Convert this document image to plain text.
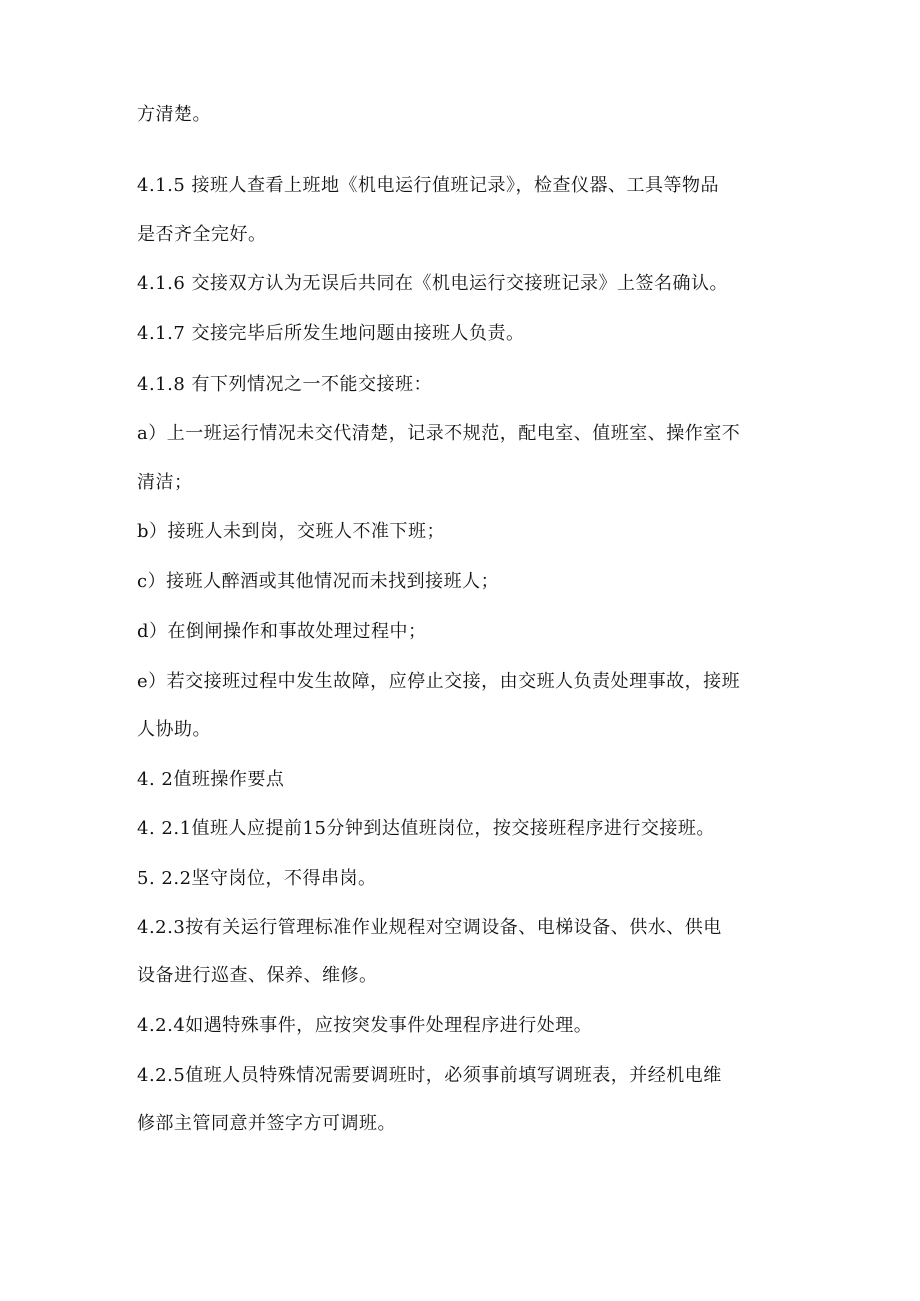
方清楚。
4.1.5 接班人查看上班地《机电运行值班记录》，检查仪器、工具等物品
是否齐全完好。
4.1.6 交接双方认为无误后共同在《机电运行交接班记录》上签名确认。
4.1.7 交接完毕后所发生地问题由接班人负责。
4.1.8 有下列情况之一不能交接班：
a）上一班运行情况未交代清楚，记录不规范，配电室、值班室、操作室不
清洁；
b）接班人未到岗，交班人不准下班；
c）接班人醉酒或其他情况而未找到接班人；
d）在倒闸操作和事故处理过程中；
e）若交接班过程中发生故障，应停止交接，由交班人负责处理事故，接班
人协助。
4. 2值班操作要点
4. 2.1值班人应提前15分钟到达值班岗位，按交接班程序进行交接班。
5. 2.2坚守岗位，不得串岗。
4.2.3按有关运行管理标准作业规程对空调设备、电梯设备、供水、供电
设备进行巡查、保养、维修。
4.2.4如遇特殊事件，应按突发事件处理程序进行处理。
4.2.5值班人员特殊情况需要调班时，必须事前填写调班表，并经机电维
修部主管同意并签字方可调班。
